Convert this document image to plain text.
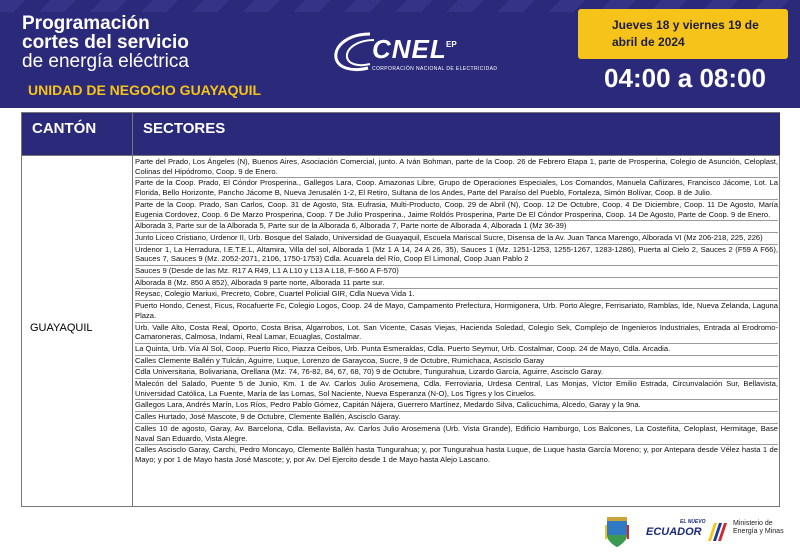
Programación
cortes del servicio
de energía eléctrica
UNIDAD DE NEGOCIO GUAYAQUIL
CNEL EP
CORPORACIÓN NACIONAL DE ELECTRICIDAD
Jueves 18 y viernes 19 de
abril de 2024
04:00 a 08:00
CANTÓN	SECTORES
GUAYAQUIL
Parte del Prado, Los Ángeles (N), Buenos Aires, Asociación Comercial, junto. A Iván Bohman, parte de la Coop. 26 de Febrero Etapa 1, parte de Prosperina, Colegio de Asunción, Celoplast, Colinas del Hipódromo, Coop. 9 de Enero.
Parte de la Coop. Prado, El Cóndor Prosperina., Gallegos Lara, Coop. Amazonas Libre, Grupo de Operaciones Especiales, Los Comandos, Manuela Cañizares, Francisco Jácome, Lot. La Florida, Bello Horizonte, Pancho Jácome B, Nueva Jerusalén 1-2, El Retiro, Sultana de los Andes, Parte del Paraíso del Pueblo, Fortaleza, Simón Bolívar, Coop. 8 de Julio.
Parte de la Coop. Prado, San Carlos, Coop. 31 de Agosto, Sta. Eufrasia, Multi-Producto, Coop. 29 de Abril (N), Coop. 12 De Octubre, Coop. 4 De Diciembre, Coop. 11 De Agosto, María Eugenia Cordovez, Coop. 6 De Marzo Prosperina, Coop. 7 De Julio Prosperina., Jaime Roldós Prosperina, Parte De El Cóndor Prosperina, Coop. 14 De Agosto, Parte de Coop. 9 de Enero.
Alborada 3, Parte sur de la Alborada 5, Parte sur de la Alborada 6, Alborada 7, Parte norte de Alborada 4, Alborada 1 (Mz 36-39)
Junto Liceo Cristiano, Urdenor II, Urb. Bosque del Salado, Universidad de Guayaquil, Escuela Mariscal Sucre, Disensa de la Av. Juan Tanca Marengo, Alborada VI (Mz 206-218, 225, 226)
Urdenor 1, La Herradura, I.E.T.E.L, Altamira, Villa del sol, Alborada 1 (Mz 1 A 14, 24 A 26, 35), Sauces 1 (Mz. 1251-1253, 1255-1267, 1283-1286), Puerta al Cielo 2, Sauces 2 (F59 A F66), Sauces 7, Sauces 9 (Mz. 2052-2071, 2106, 1750-1753) Cdla. Acuarela del Río, Coop El Limonal, Coop Juan Pablo 2
Sauces 9 (Desde de las Mz. R17 A R49, L1 A L10 y L13 A L18, F-560 A F-570)
Alborada 8 (Mz. 850 A 852), Alborada 9 parte norte, Alborada 11 parte sur.
Reysac, Colegio Mariuxi, Precreto, Cobre, Cuartel Policial GIR, Cdla Nueva Vida 1.
Puerto Hondo, Cenest, Ficus, Rocafuerte Fc, Colegio Logos, Coop. 24 de Mayo, Campamento Prefectura, Hormigonera, Urb. Porto Alegre, Ferrisariato, Ramblas, Ide, Nueva Zelanda, Laguna Plaza.
Urb. Valle Alto, Costa Real, Oporto, Costa Brisa, Algarrobos, Lot. San Vicente, Casas Viejas, Hacienda Soledad, Colegio Sek, Complejo de Ingenieros Industriales, Entrada al Erodromo-Camaroneras, Calmosa, Indami, Real Lamar, Ecuaglas, Costalmar.
La Quinta, Urb. Vía Al Sol, Coop. Puerto Rico, Piazza Ceibos, Urb. Punta Esmeraldas, Cdla. Puerto Seymur, Urb. Costalmar, Coop. 24 de Mayo, Cdla. Arcadia.
Calles Clemente Ballén y Tulcán, Aguirre, Luque, Lorenzo de Garaycoa, Sucre, 9 de Octubre, Rumichaca, Ascisclo Garay
Cdla Universitaria, Bolivariana, Orellana (Mz. 74, 76-82, 84, 67, 68, 70) 9 de Octubre, Tungurahua, Lizardo García, Aguirre, Ascisclo Garay.
Malecón del Salado, Puente 5 de Junio, Km. 1 de Av. Carlos Julio Arosemena, Cdla. Ferroviaria, Urdesa Central, Las Monjas, Víctor Emilio Estrada, Circunvalación Sur, Bellavista, Universidad Católica, La Fuente, María de las Lomas, Sol Naciente, Nueva Esperanza (N-O), Los Tigres y los Ciruelos.
Gallegos Lara, Andrés Marín, Los Ríos, Pedro Pablo Gómez, Capitán Nájera, Guerrero Martínez, Medardo Silva, Calicuchima, Alcedo, Garay y la 9na.
Calles Hurtado, José Mascote, 9 de Octubre, Clemente Ballén, Ascisclo Garay.
Calles 10 de agosto, Garay, Av. Barcelona, Cdla. Bellavista, Av. Carlos Julio Arosemena (Urb. Vista Grande), Edificio Hamburgo, Los Balcones, La Costeñita, Celoplast, Hermitage, Base Naval San Eduardo, Vista Alegre.
Calles Ascisclo Garay, Carchi, Pedro Moncayo, Clemente Ballén hasta Tungurahua; y, por Tungurahua hasta Luque, de Luque hasta García Moreno; y, por Antepara desde Vélez hasta 1 de Mayo; y por 1 de Mayo hasta José Mascote; y, por Av. Del Ejercito desde 1 de Mayo hasta Alejo Lascano.
EL NUEVO
ECUADOR
Ministerio de
Energía y Minas
